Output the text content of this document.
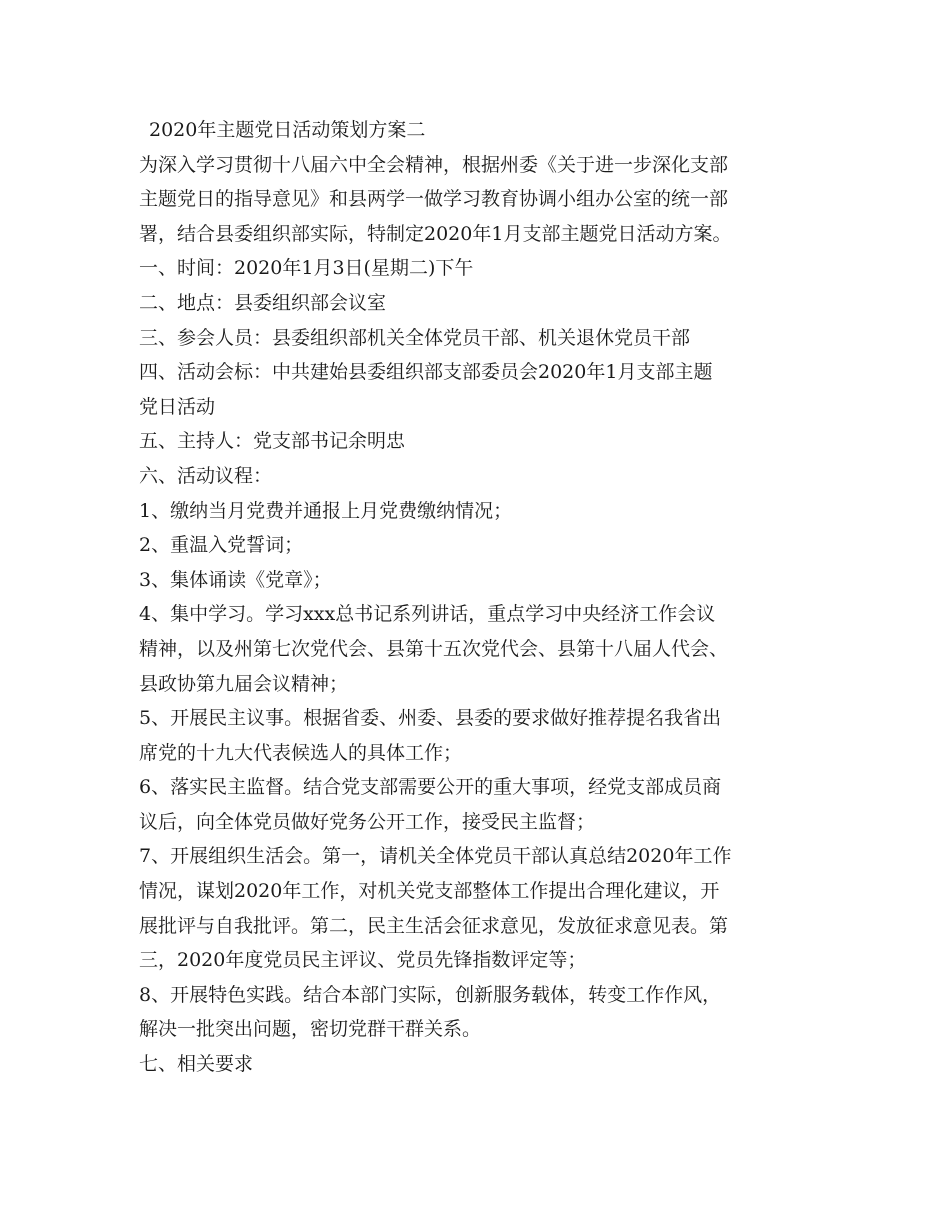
2020年主题党日活动策划方案二
为深入学习贯彻十八届六中全会精神，根据州委《关于进一步深化支部
主题党日的指导意见》和县两学一做学习教育协调小组办公室的统一部
署，结合县委组织部实际，特制定2020年1月支部主题党日活动方案。
一、时间：2020年1月3日(星期二)下午
二、地点：县委组织部会议室
三、参会人员：县委组织部机关全体党员干部、机关退休党员干部
四、活动会标：中共建始县委组织部支部委员会2020年1月支部主题
党日活动
五、主持人：党支部书记余明忠
六、活动议程：
1、缴纳当月党费并通报上月党费缴纳情况；
2、重温入党誓词；
3、集体诵读《党章》；
4、集中学习。学习xxx总书记系列讲话，重点学习中央经济工作会议
精神，以及州第七次党代会、县第十五次党代会、县第十八届人代会、
县政协第九届会议精神；
5、开展民主议事。根据省委、州委、县委的要求做好推荐提名我省出
席党的十九大代表候选人的具体工作；
6、落实民主监督。结合党支部需要公开的重大事项，经党支部成员商
议后，向全体党员做好党务公开工作，接受民主监督；
7、开展组织生活会。第一，请机关全体党员干部认真总结2020年工作
情况，谋划2020年工作，对机关党支部整体工作提出合理化建议，开
展批评与自我批评。第二，民主生活会征求意见，发放征求意见表。第
三，2020年度党员民主评议、党员先锋指数评定等；
8、开展特色实践。结合本部门实际，创新服务载体，转变工作作风，
解决一批突出问题，密切党群干群关系。
七、相关要求
